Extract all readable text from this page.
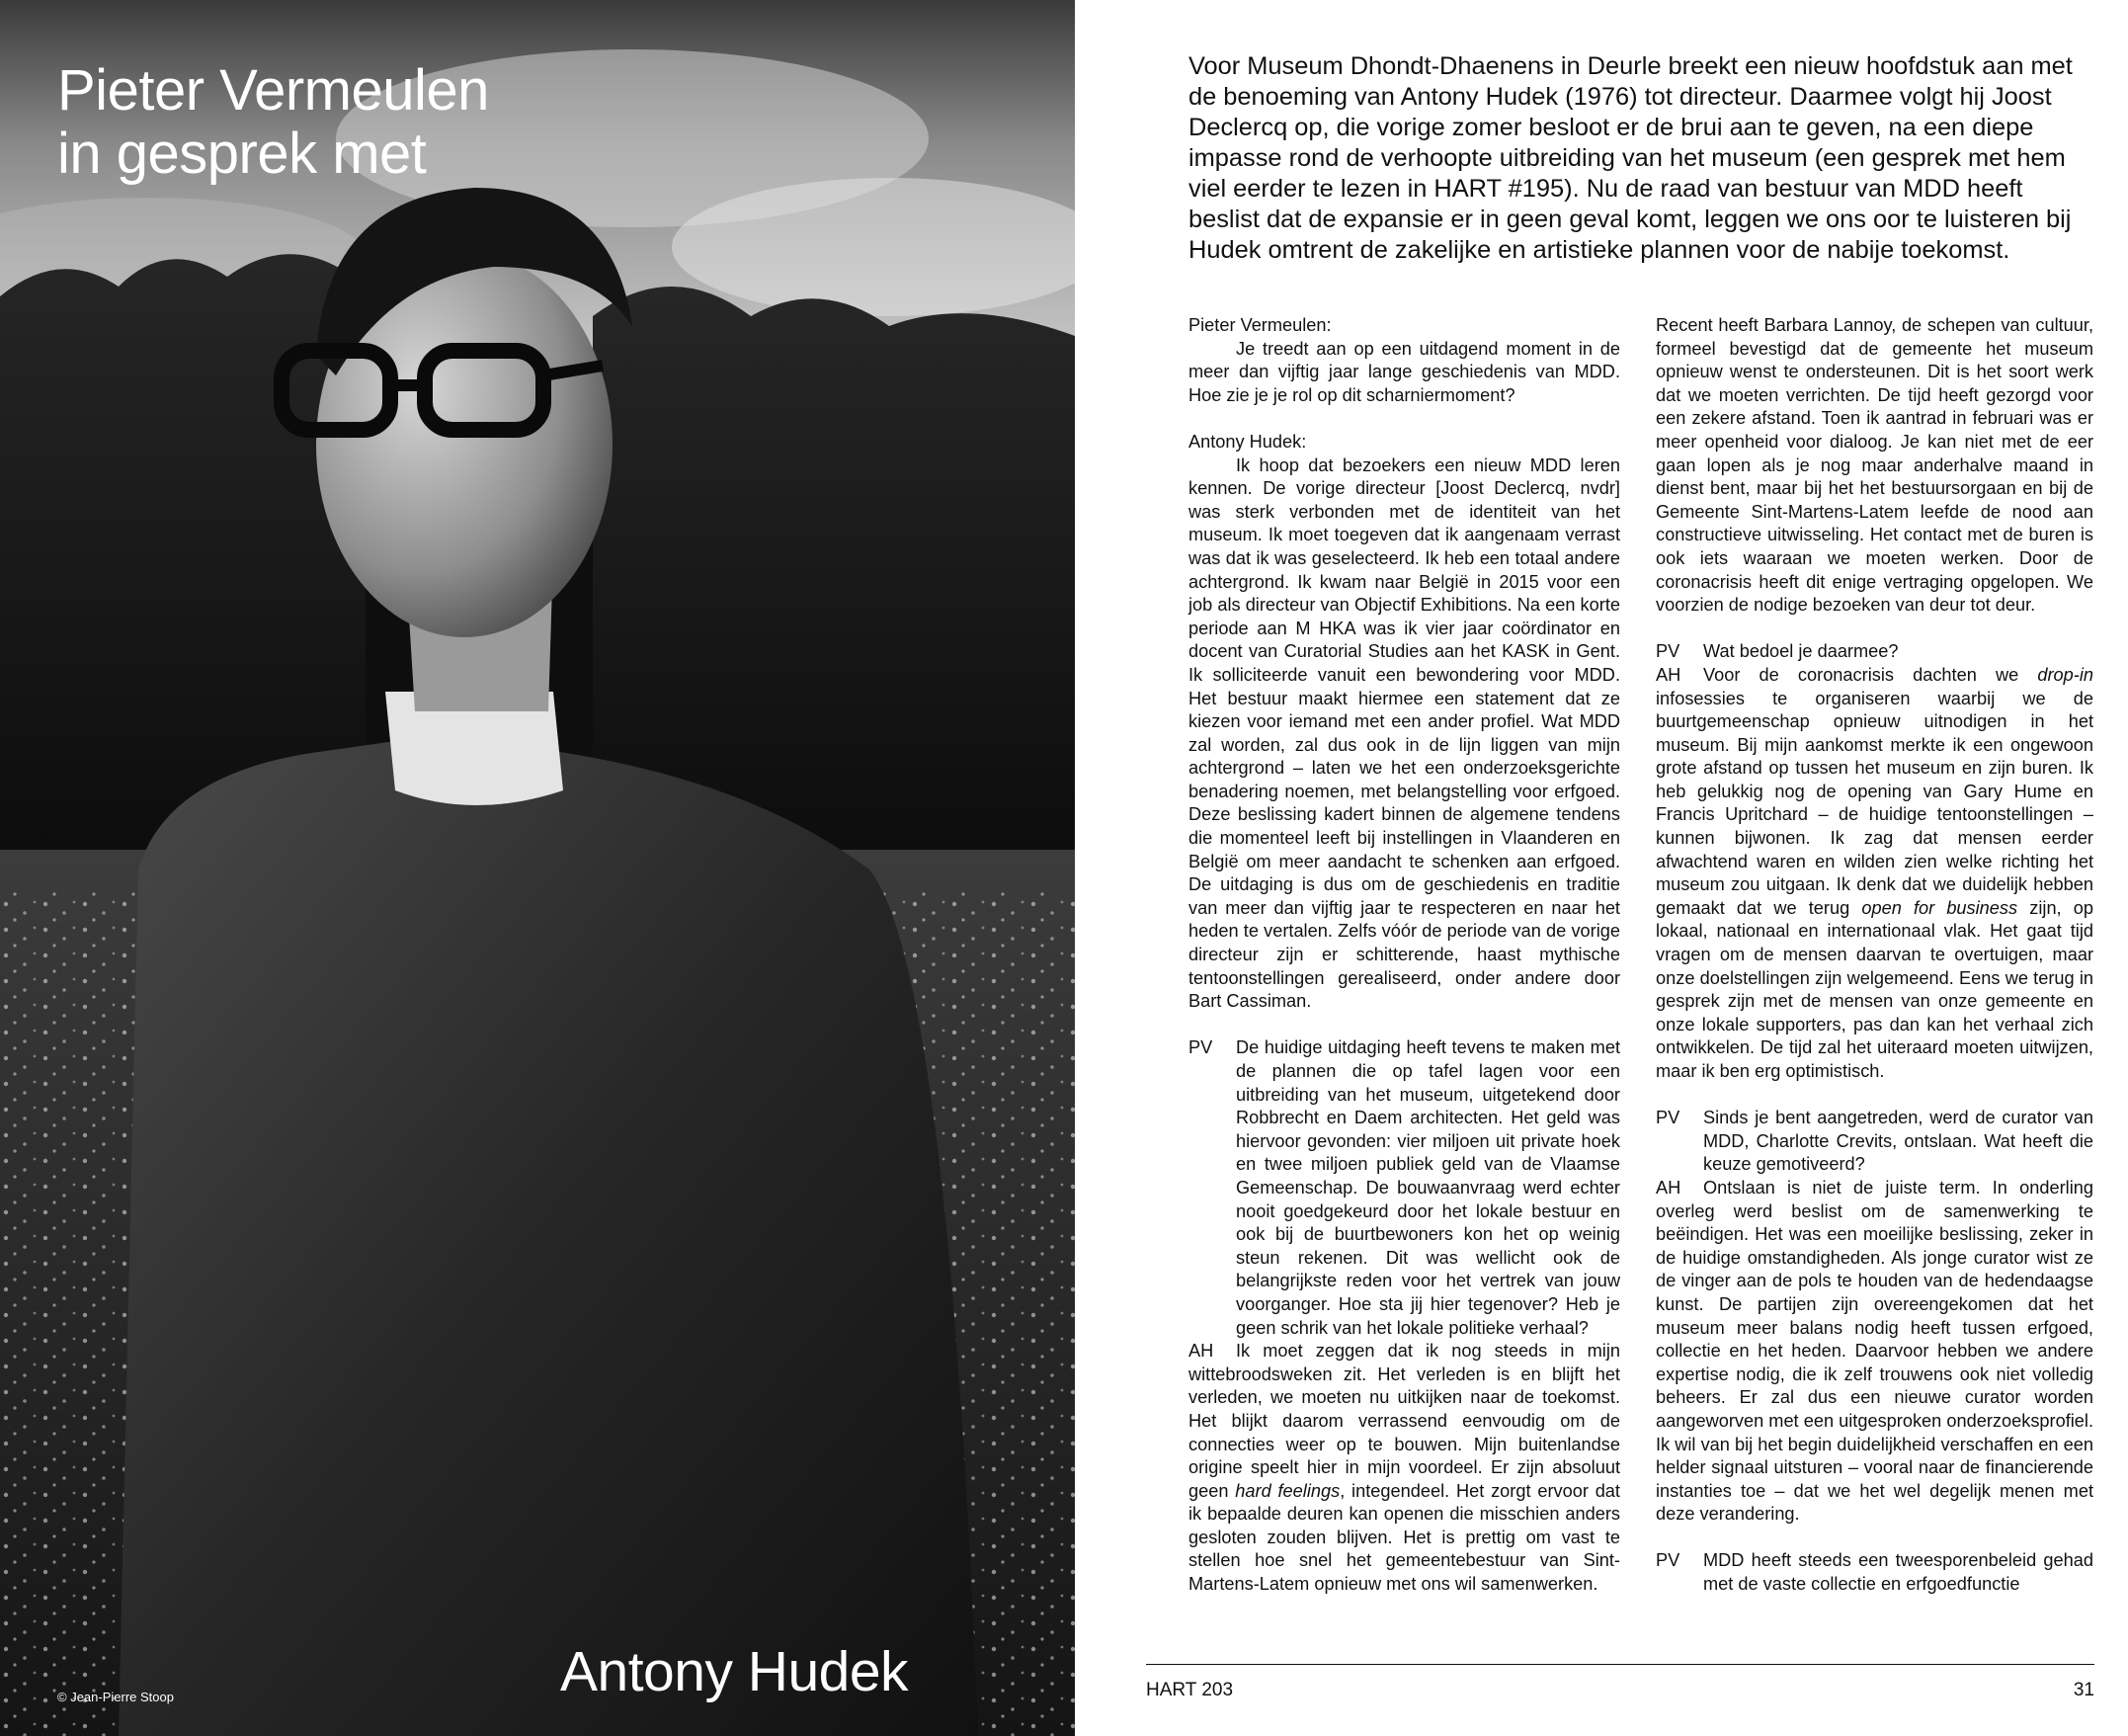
Pieter Vermeulen
in gesprek met
Antony Hudek
© Jean-Pierre Stoop

Voor Museum Dhondt-Dhaenens in Deurle breekt een nieuw hoofdstuk aan met de benoeming van Antony Hudek (1976) tot directeur. Daarmee volgt hij Joost Declercq op, die vorige zomer besloot er de brui aan te geven, na een diepe impasse rond de verhoopte uitbreiding van het museum (een gesprek met hem viel eerder te lezen in HART #195). Nu de raad van bestuur van MDD heeft beslist dat de expansie er in geen geval komt, leggen we ons oor te luisteren bij Hudek omtrent de zakelijke en artistieke plannen voor de nabije toekomst.

Pieter Vermeulen:

Je treedt aan op een uitdagend moment in de meer dan vijftig jaar lange geschiedenis van MDD. Hoe zie je je rol op dit scharniermoment?

Antony Hudek:

Ik hoop dat bezoekers een nieuw MDD leren kennen. De vorige directeur [Joost Declercq, nvdr] was sterk verbonden met de identiteit van het museum. Ik moet toegeven dat ik aangenaam verrast was dat ik was geselecteerd. Ik heb een totaal andere achtergrond. Ik kwam naar België in 2015 voor een job als directeur van Objectif Exhibitions. Na een korte periode aan M HKA was ik vier jaar coördinator en docent van Curatorial Studies aan het KASK in Gent. Ik solliciteerde vanuit een bewondering voor MDD. Het bestuur maakt hiermee een statement dat ze kiezen voor iemand met een ander profiel. Wat MDD zal worden, zal dus ook in de lijn liggen van mijn achtergrond – laten we het een onderzoeksgerichte benadering noemen, met belangstelling voor erfgoed. Deze beslissing kadert binnen de algemene tendens die momenteel leeft bij instellingen in Vlaanderen en België om meer aandacht te schenken aan erfgoed. De uitdaging is dus om de geschiedenis en traditie van meer dan vijftig jaar te respecteren en naar het heden te vertalen. Zelfs vóór de periode van de vorige directeur zijn er schitterende, haast mythische tentoonstellingen gerealiseerd, onder andere door Bart Cassiman.

PV	De huidige uitdaging heeft tevens te maken met de plannen die op tafel lagen voor een uitbreiding van het museum, uitgetekend door Robbrecht en Daem architecten. Het geld was hiervoor gevonden: vier miljoen uit private hoek en twee miljoen publiek geld van de Vlaamse Gemeenschap. De bouwaanvraag werd echter nooit goedgekeurd door het lokale bestuur en ook bij de buurtbewoners kon het op weinig steun rekenen. Dit was wellicht ook de belangrijkste reden voor het vertrek van jouw voorganger. Hoe sta jij hier tegenover? Heb je geen schrik van het lokale politieke verhaal?

AH Ik moet zeggen dat ik nog steeds in mijn wittebroodsweken zit. Het verleden is en blijft het verleden, we moeten nu uitkijken naar de toekomst. Het blijkt daarom verrassend eenvoudig om de connecties weer op te bouwen. Mijn buitenlandse origine speelt hier in mijn voordeel. Er zijn absoluut geen hard feelings, integendeel. Het zorgt ervoor dat ik bepaalde deuren kan openen die misschien anders gesloten zouden blijven. Het is prettig om vast te stellen hoe snel het gemeentebestuur van Sint-Martens-Latem opnieuw met ons wil samenwerken.

Recent heeft Barbara Lannoy, de schepen van cultuur, formeel bevestigd dat de gemeente het museum opnieuw wenst te ondersteunen. Dit is het soort werk dat we moeten verrichten. De tijd heeft gezorgd voor een zekere afstand. Toen ik aantrad in februari was er meer openheid voor dialoog. Je kan niet met de eer gaan lopen als je nog maar anderhalve maand in dienst bent, maar bij het het bestuursorgaan en bij de Gemeente Sint-Martens-Latem leefde de nood aan constructieve uitwisseling. Het contact met de buren is ook iets waaraan we moeten werken. Door de coronacrisis heeft dit enige vertraging opgelopen. We voorzien de nodige bezoeken van deur tot deur.

PV	Wat bedoel je daarmee?

AH Voor de coronacrisis dachten we drop-in infosessies te organiseren waarbij we de buurtgemeenschap opnieuw uitnodigen in het museum. Bij mijn aankomst merkte ik een ongewoon grote afstand op tussen het museum en zijn buren. Ik heb gelukkig nog de opening van Gary Hume en Francis Upritchard – de huidige tentoonstellingen – kunnen bijwonen. Ik zag dat mensen eerder afwachtend waren en wilden zien welke richting het museum zou uitgaan. Ik denk dat we duidelijk hebben gemaakt dat we terug open for business zijn, op lokaal, nationaal en internationaal vlak. Het gaat tijd vragen om de mensen daarvan te overtuigen, maar onze doelstellingen zijn welgemeend. Eens we terug in gesprek zijn met de mensen van onze gemeente en onze lokale supporters, pas dan kan het verhaal zich ontwikkelen. De tijd zal het uiteraard moeten uitwijzen, maar ik ben erg optimistisch.

PV	Sinds je bent aangetreden, werd de curator van MDD, Charlotte Crevits, ontslaan. Wat heeft die keuze gemotiveerd?

AH Ontslaan is niet de juiste term. In onderling overleg werd beslist om de samenwerking te beëindigen. Het was een moeilijke beslissing, zeker in de huidige omstandigheden. Als jonge curator wist ze de vinger aan de pols te houden van de hedendaagse kunst. De partijen zijn overeengekomen dat het museum meer balans nodig heeft tussen erfgoed, collectie en het heden. Daarvoor hebben we andere expertise nodig, die ik zelf trouwens ook niet volledig beheers. Er zal dus een nieuwe curator worden aangeworven met een uitgesproken onderzoeksprofiel. Ik wil van bij het begin duidelijkheid verschaffen en een helder signaal uitsturen – vooral naar de financierende instanties toe – dat we het wel degelijk menen met deze verandering.

PV	MDD heeft steeds een tweesporenbeleid gehad met de vaste collectie en erfgoedfunctie

HART 203	31
